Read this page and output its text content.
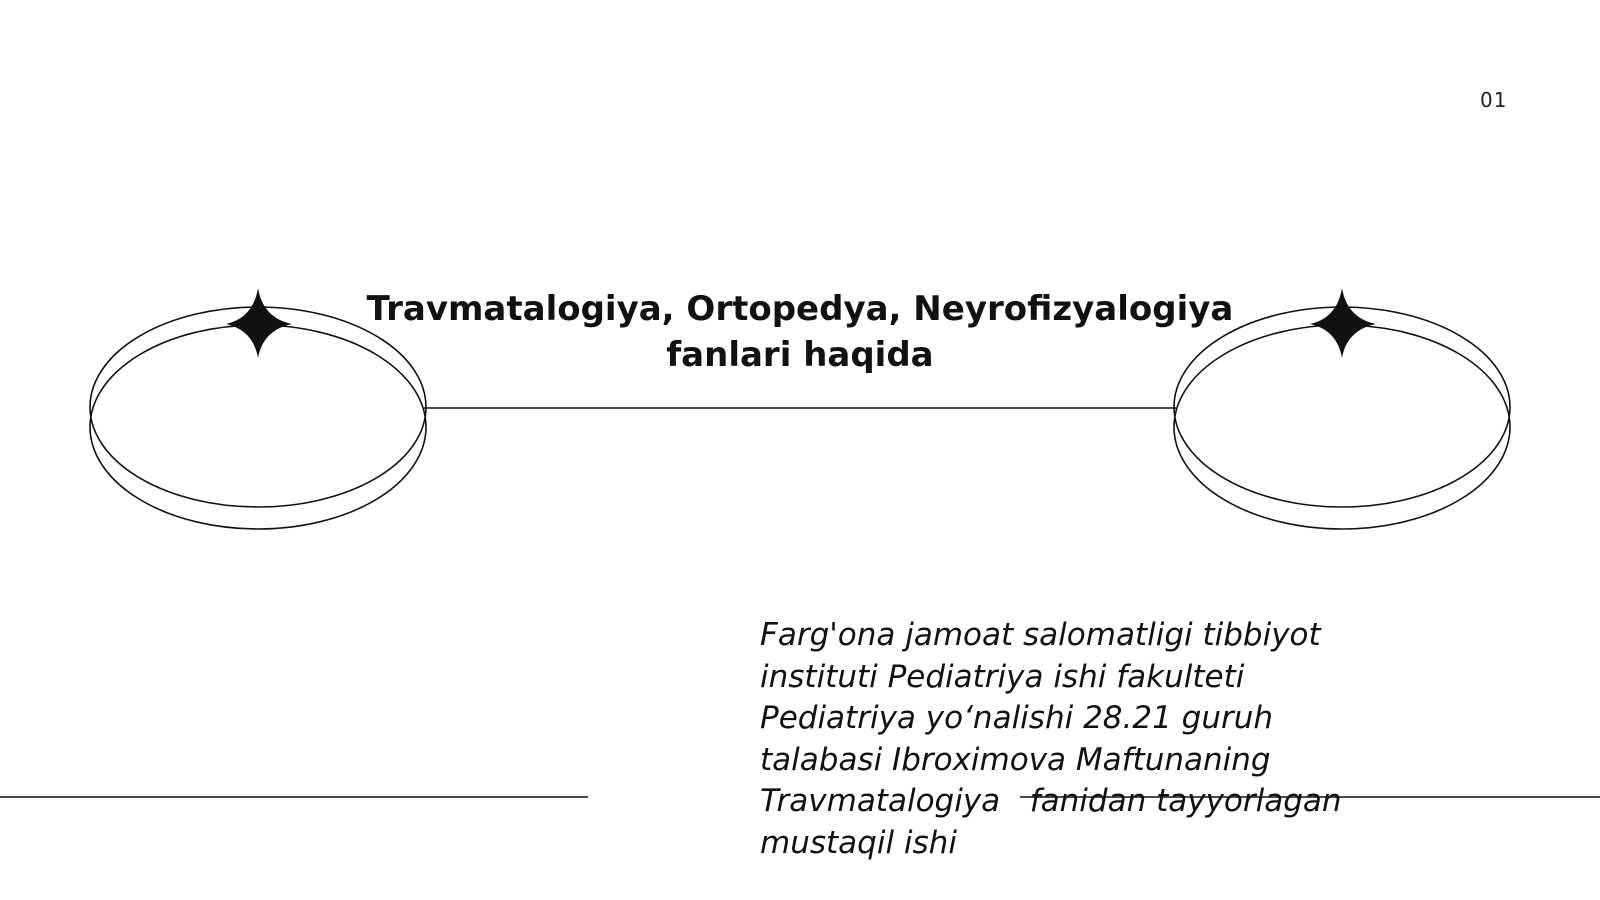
01
Travmatalogiya, Ortopedya, Neyrofizyalogiya
fanlari haqida
Farg'ona jamoat salomatligi tibbiyot
instituti Pediatriya ishi fakulteti
Pediatriya yo‘nalishi 28.21 guruh
talabasi Ibroximova Maftunaning
Travmatalogiya   fanidan tayyorlagan
mustaqil ishi
